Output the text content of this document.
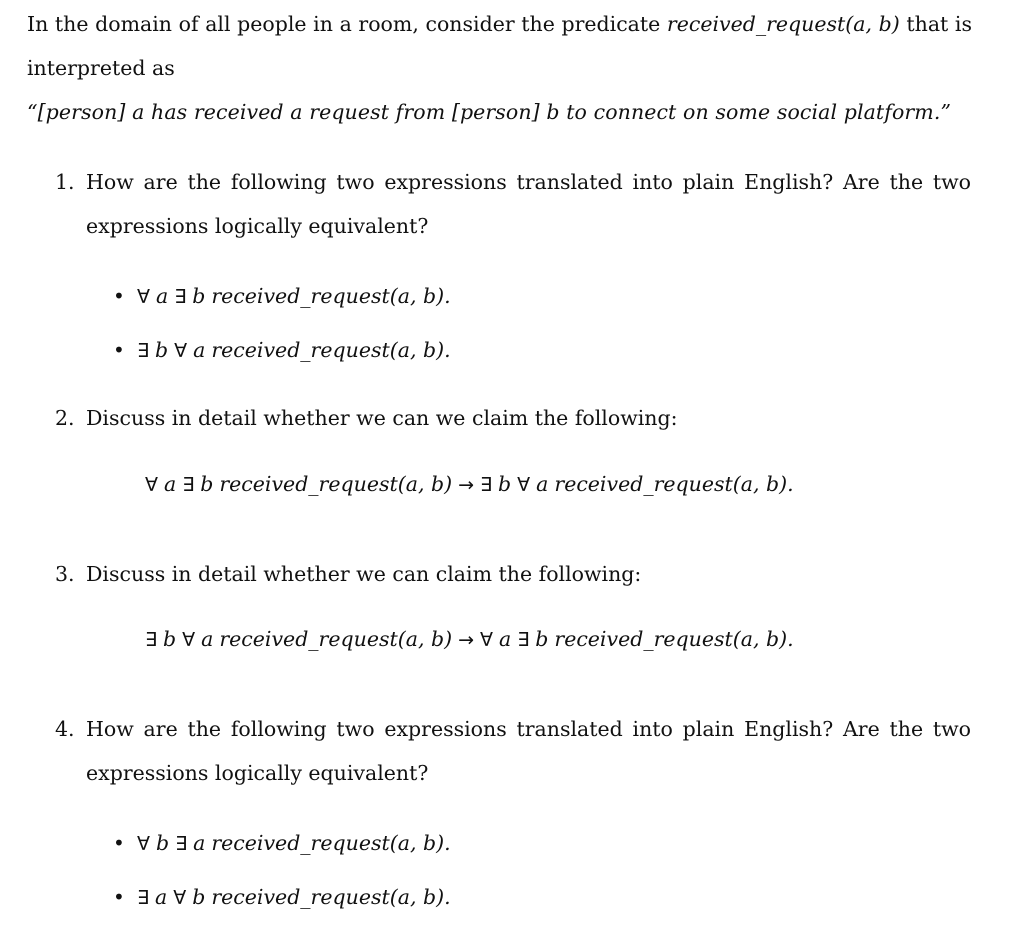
In the domain of all people in a room, consider the predicate received_request(a, b) that is
interpreted as
“[person] a has received a request from [person] b to connect on some social platform.”
1. How are the following two expressions translated into plain English? Are the two
expressions logically equivalent?
• ∀ a ∃ b received_request(a, b).
• ∃ b ∀ a received_request(a, b).
2. Discuss in detail whether we can we claim the following:
∀ a ∃ b received_request(a, b) → ∃ b ∀ a received_request(a, b).
3. Discuss in detail whether we can claim the following:
∃ b ∀ a received_request(a, b) → ∀ a ∃ b received_request(a, b).
4. How are the following two expressions translated into plain English? Are the two
expressions logically equivalent?
• ∀ b ∃ a received_request(a, b).
• ∃ a ∀ b received_request(a, b).
